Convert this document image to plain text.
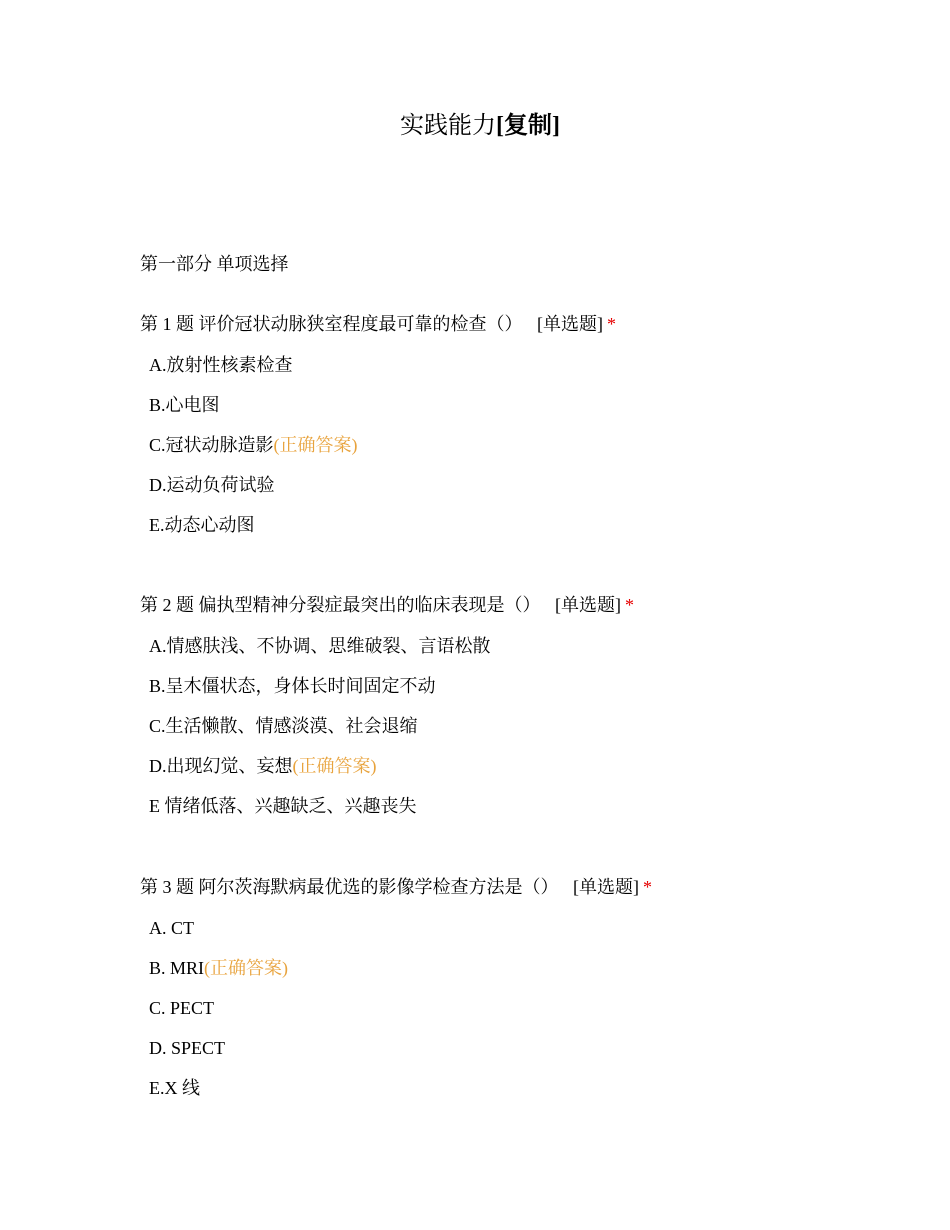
实践能力[复制]
第一部分 单项选择
第 1 题 评价冠状动脉狭室程度最可靠的检查（） [单选题] *
A.放射性核素检查
B.心电图
C.冠状动脉造影(正确答案)
D.运动负荷试验
E.动态心动图
第 2 题 偏执型精神分裂症最突出的临床表现是（） [单选题] *
A.情感肤浅、不协调、思维破裂、言语松散
B.呈木僵状态，身体长时间固定不动
C.生活懒散、情感淡漠、社会退缩
D.出现幻觉、妄想(正确答案)
E 情绪低落、兴趣缺乏、兴趣丧失
第 3 题 阿尔茨海默病最优选的影像学检查方法是（） [单选题] *
A. CT
B. MRI(正确答案)
C. PECT
D. SPECT
E.X 线
